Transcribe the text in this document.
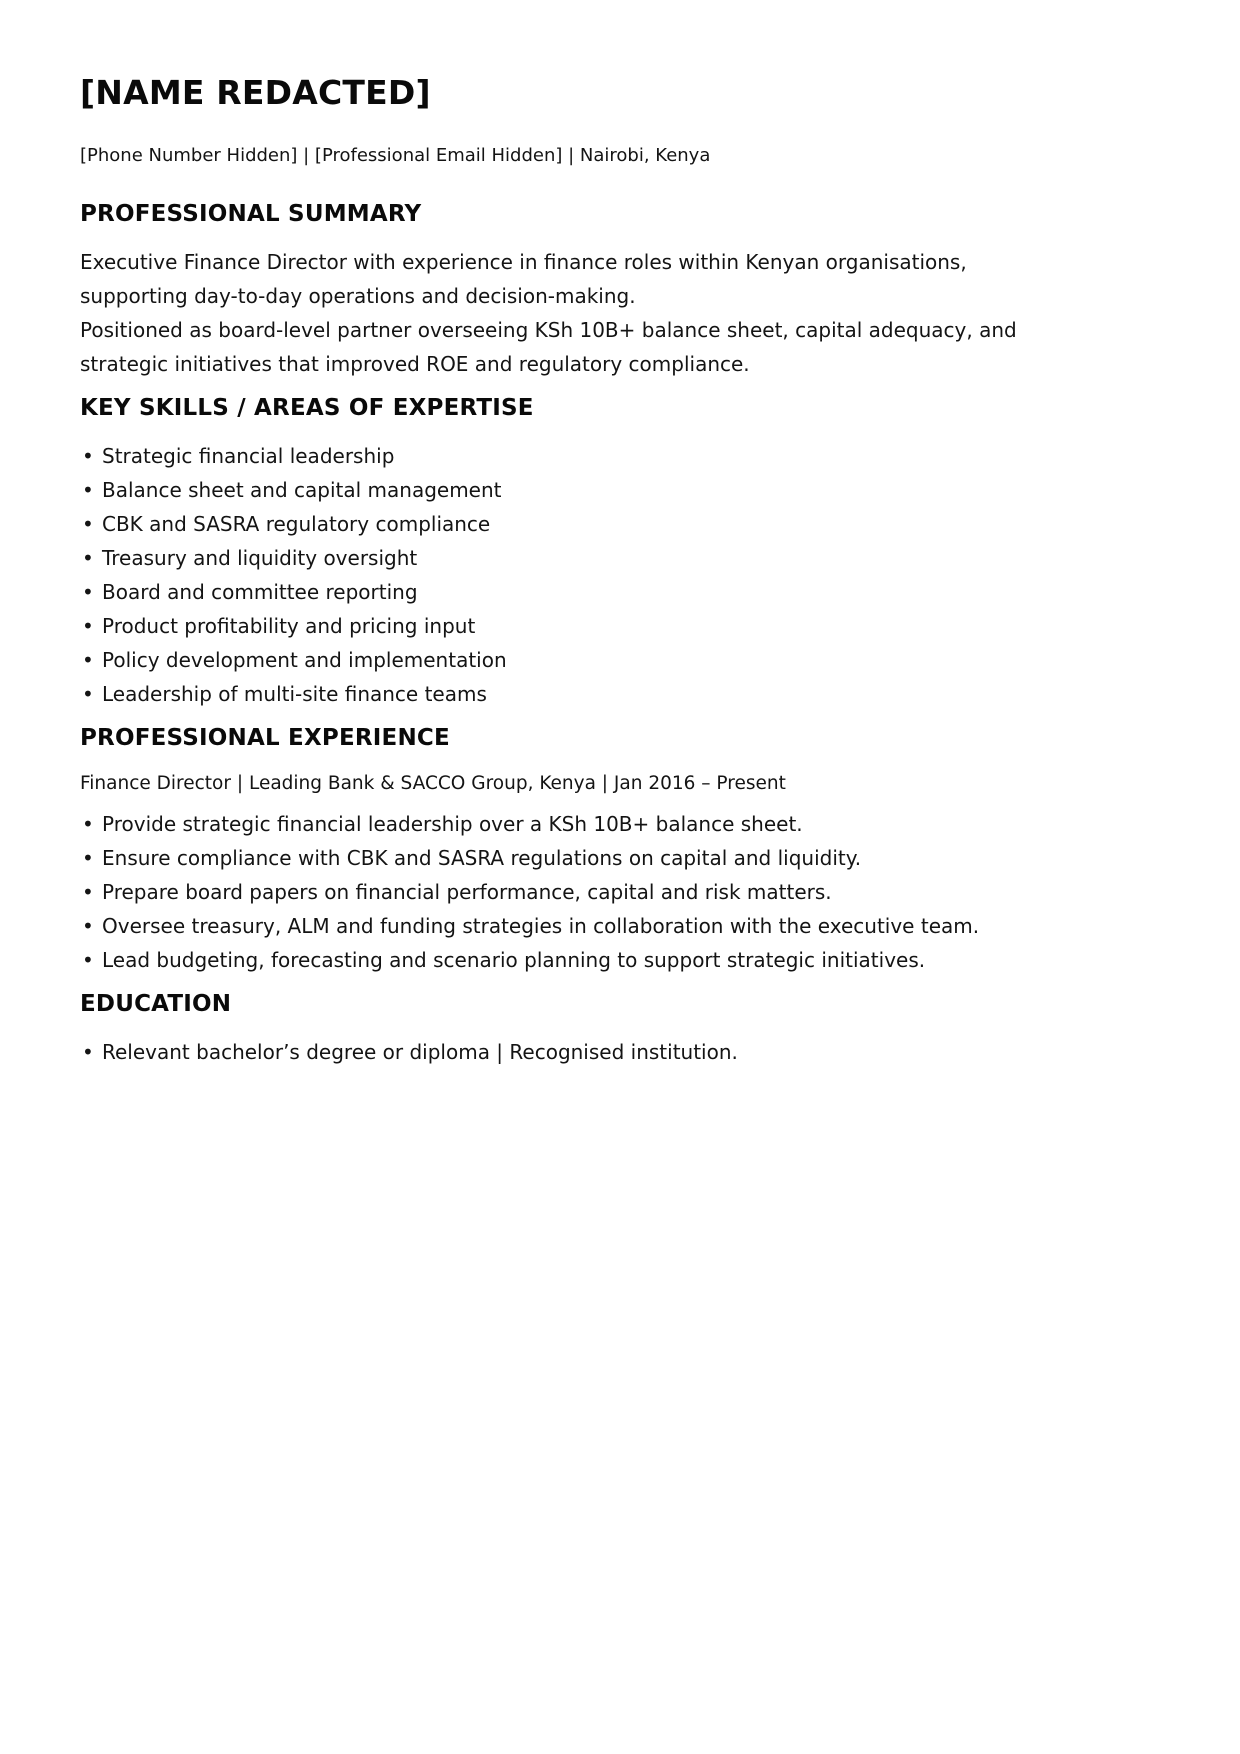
[NAME REDACTED]

[Phone Number Hidden] | [Professional Email Hidden] | Nairobi, Kenya

PROFESSIONAL SUMMARY

Executive Finance Director with experience in finance roles within Kenyan organisations, supporting day-to-day operations and decision-making.

Positioned as board-level partner overseeing KSh 10B+ balance sheet, capital adequacy, and strategic initiatives that improved ROE and regulatory compliance.

KEY SKILLS / AREAS OF EXPERTISE
• Strategic financial leadership
• Balance sheet and capital management
• CBK and SASRA regulatory compliance
• Treasury and liquidity oversight
• Board and committee reporting
• Product profitability and pricing input
• Policy development and implementation
• Leadership of multi-site finance teams
PROFESSIONAL EXPERIENCE

Finance Director | Leading Bank & SACCO Group, Kenya | Jan 2016 – Present

• Provide strategic financial leadership over a KSh 10B+ balance sheet.
• Ensure compliance with CBK and SASRA regulations on capital and liquidity.
• Prepare board papers on financial performance, capital and risk matters.
• Oversee treasury, ALM and funding strategies in collaboration with the executive team.
• Lead budgeting, forecasting and scenario planning to support strategic initiatives.
EDUCATION
• Relevant bachelor’s degree or diploma | Recognised institution.
